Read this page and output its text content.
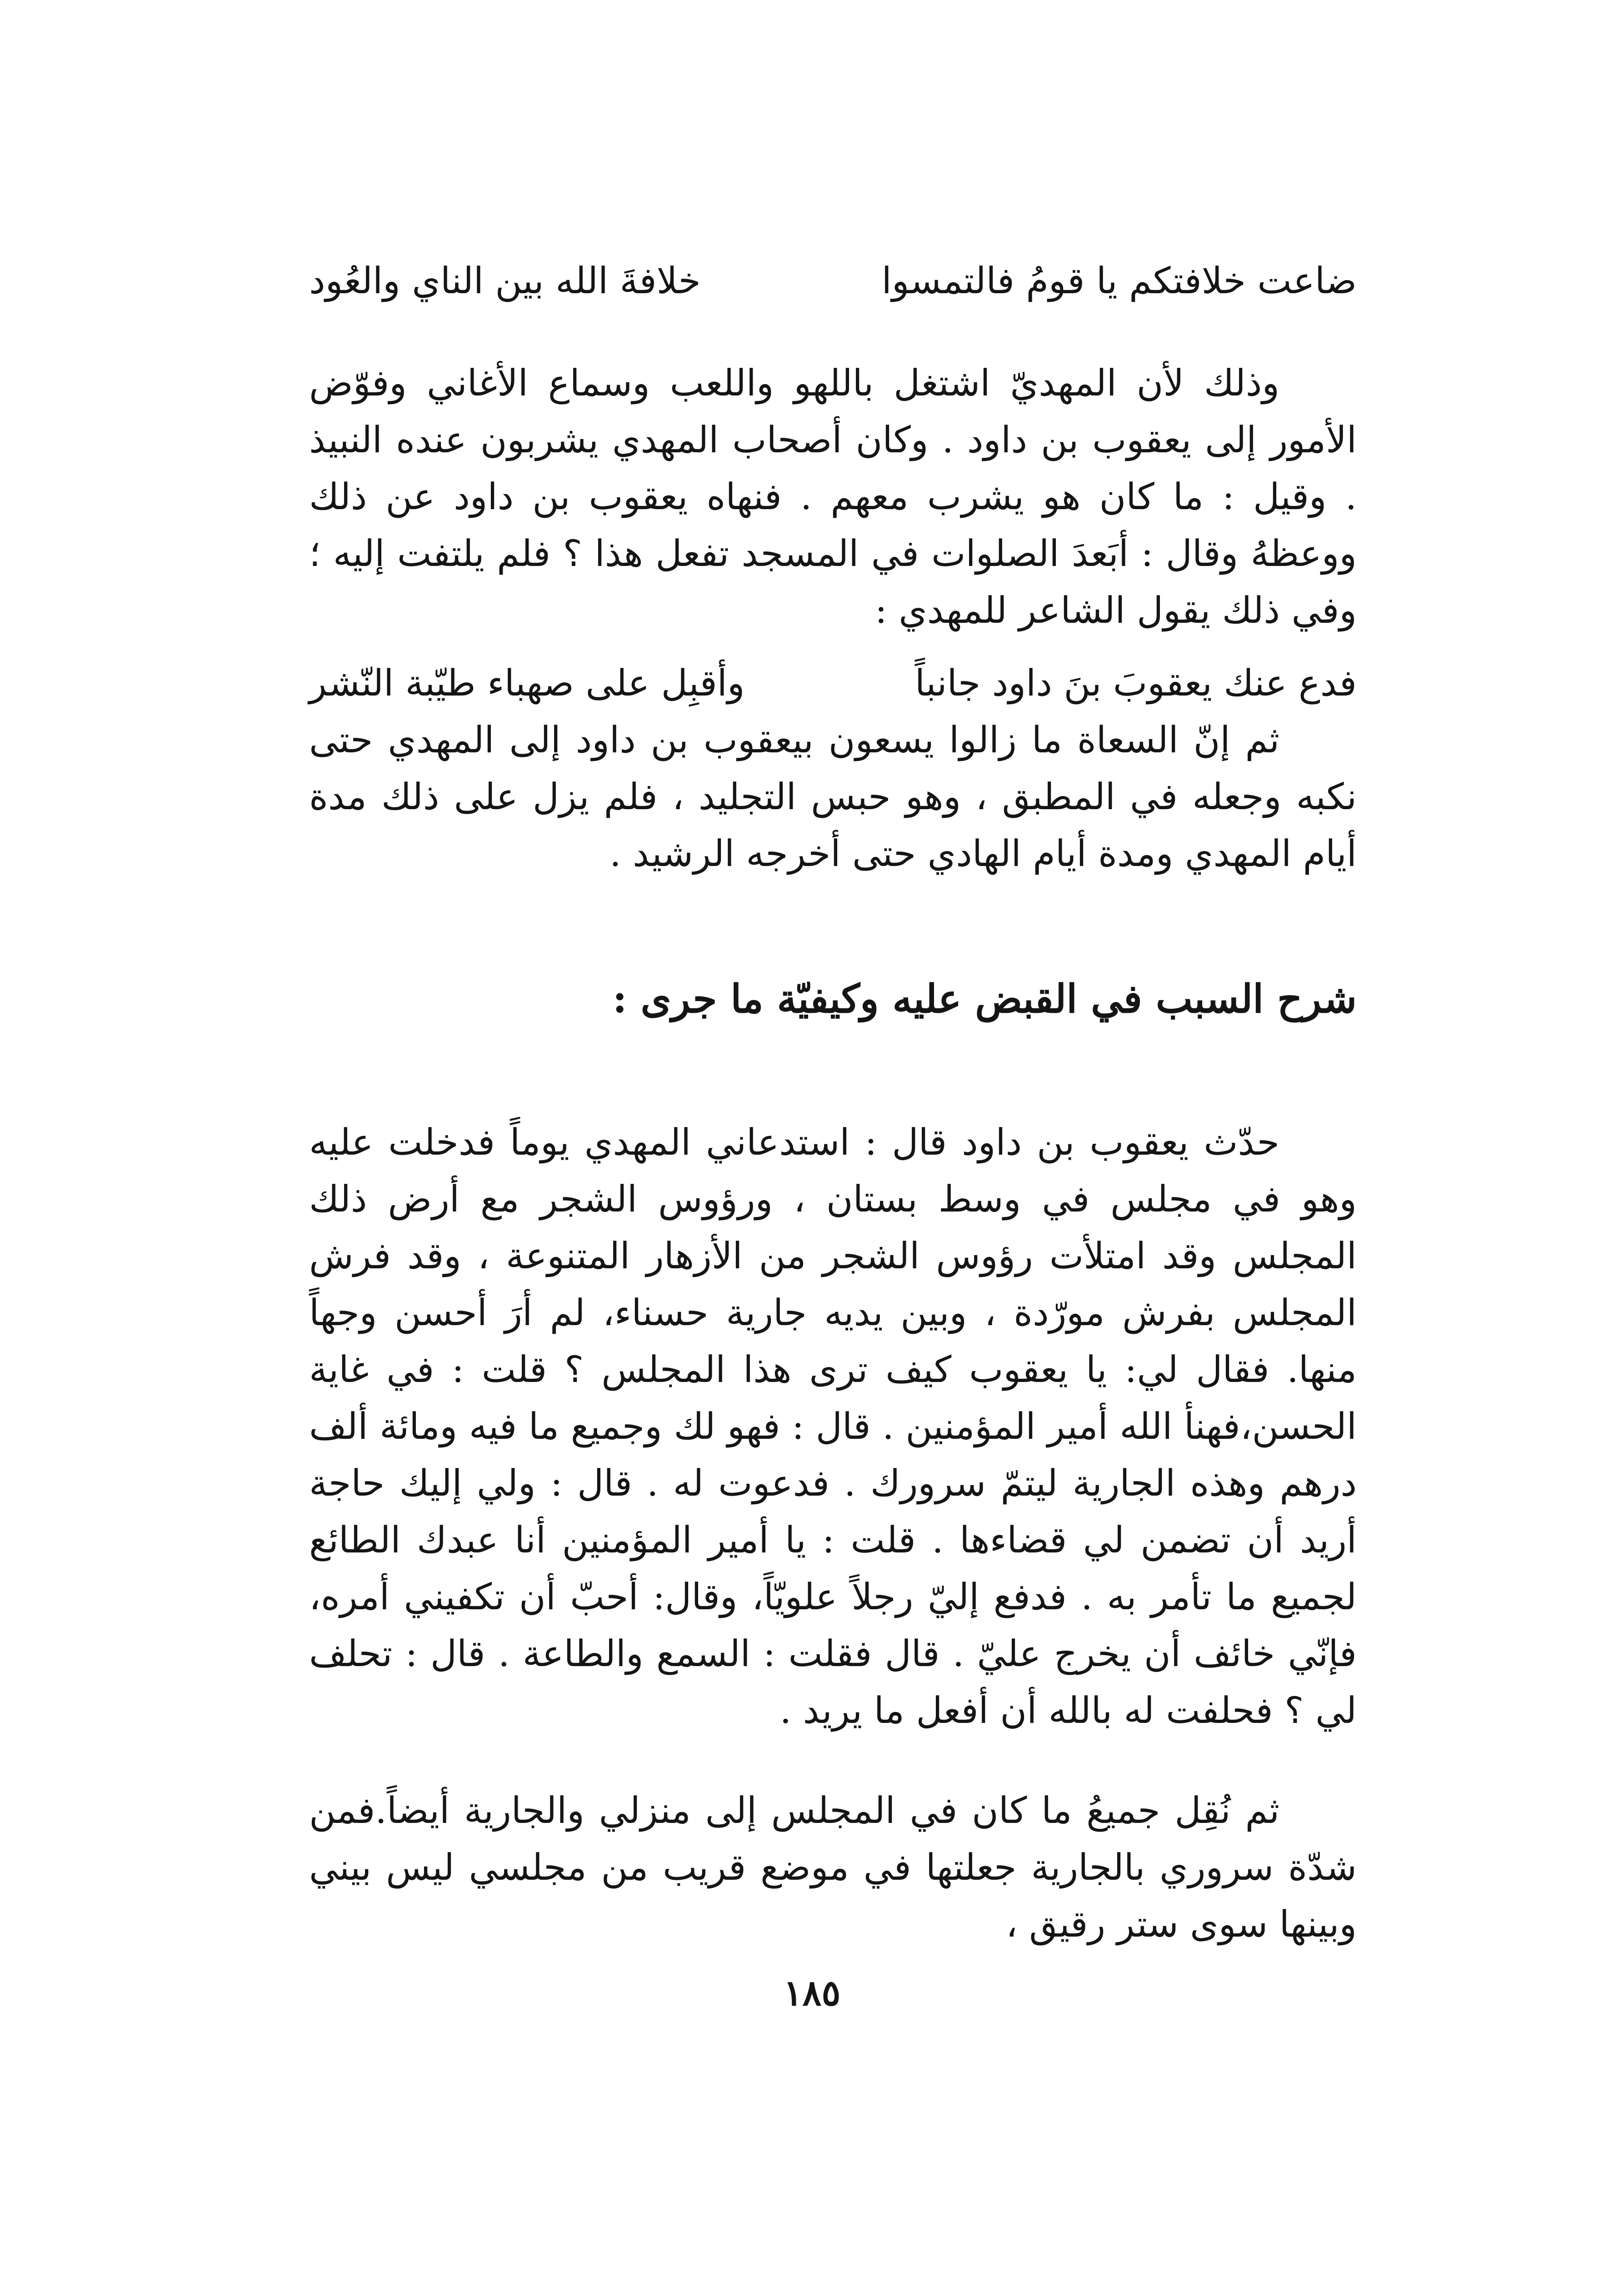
ضاعت خلافتكم يا قومُ فالتمسوا
خلافةَ الله بين الناي والعُود

وذلك لأن المهديّ اشتغل باللهو واللعب وسماع الأغاني وفوّض الأمور إلى يعقوب بن داود . وكان أصحاب المهدي يشربون عنده النبيذ . وقيل : ما كان هو يشرب معهم . فنهاه يعقوب بن داود عن ذلك ووعظهُ وقال : أبَعدَ الصلوات في المسجد تفعل هذا ؟ فلم يلتفت إليه ؛ وفي ذلك يقول الشاعر للمهدي :

فدع عنك يعقوبَ بنَ داود جانباً
وأقبِل على صهباء طيّبة النّشر

ثم إنّ السعاة ما زالوا يسعون بيعقوب بن داود إلى المهدي حتى نكبه وجعله في المطبق ، وهو حبس التجليد ، فلم يزل على ذلك مدة أيام المهدي ومدة أيام الهادي حتى أخرجه الرشيد .

شرح السبب في القبض عليه وكيفيّة ما جرى :

حدّث يعقوب بن داود قال : استدعاني المهدي يوماً فدخلت عليه وهو في مجلس في وسط بستان ، ورؤوس الشجر مع أرض ذلك المجلس وقد امتلأت رؤوس الشجر من الأزهار المتنوعة ، وقد فرش المجلس بفرش مورّدة ، وبين يديه جارية حسناء، لم أرَ أحسن وجهاً منها. فقال لي: يا يعقوب كيف ترى هذا المجلس ؟ قلت : في غاية الحسن،فهنأ الله أمير المؤمنين . قال : فهو لك وجميع ما فيه ومائة ألف درهم وهذه الجارية ليتمّ سرورك . فدعوت له . قال : ولي إليك حاجة أريد أن تضمن لي قضاءها . قلت : يا أمير المؤمنين أنا عبدك الطائع لجميع ما تأمر به . فدفع إليّ رجلاً علويّاً، وقال: أحبّ أن تكفيني أمره، فإنّي خائف أن يخرج عليّ . قال فقلت : السمع والطاعة . قال : تحلف لي ؟ فحلفت له بالله أن أفعل ما يريد .

ثم نُقِل جميعُ ما كان في المجلس إلى منزلي والجارية أيضاً.فمن شدّة سروري بالجارية جعلتها في موضع قريب من مجلسي ليس بيني وبينها سوى ستر رقيق ،

١٨٥
